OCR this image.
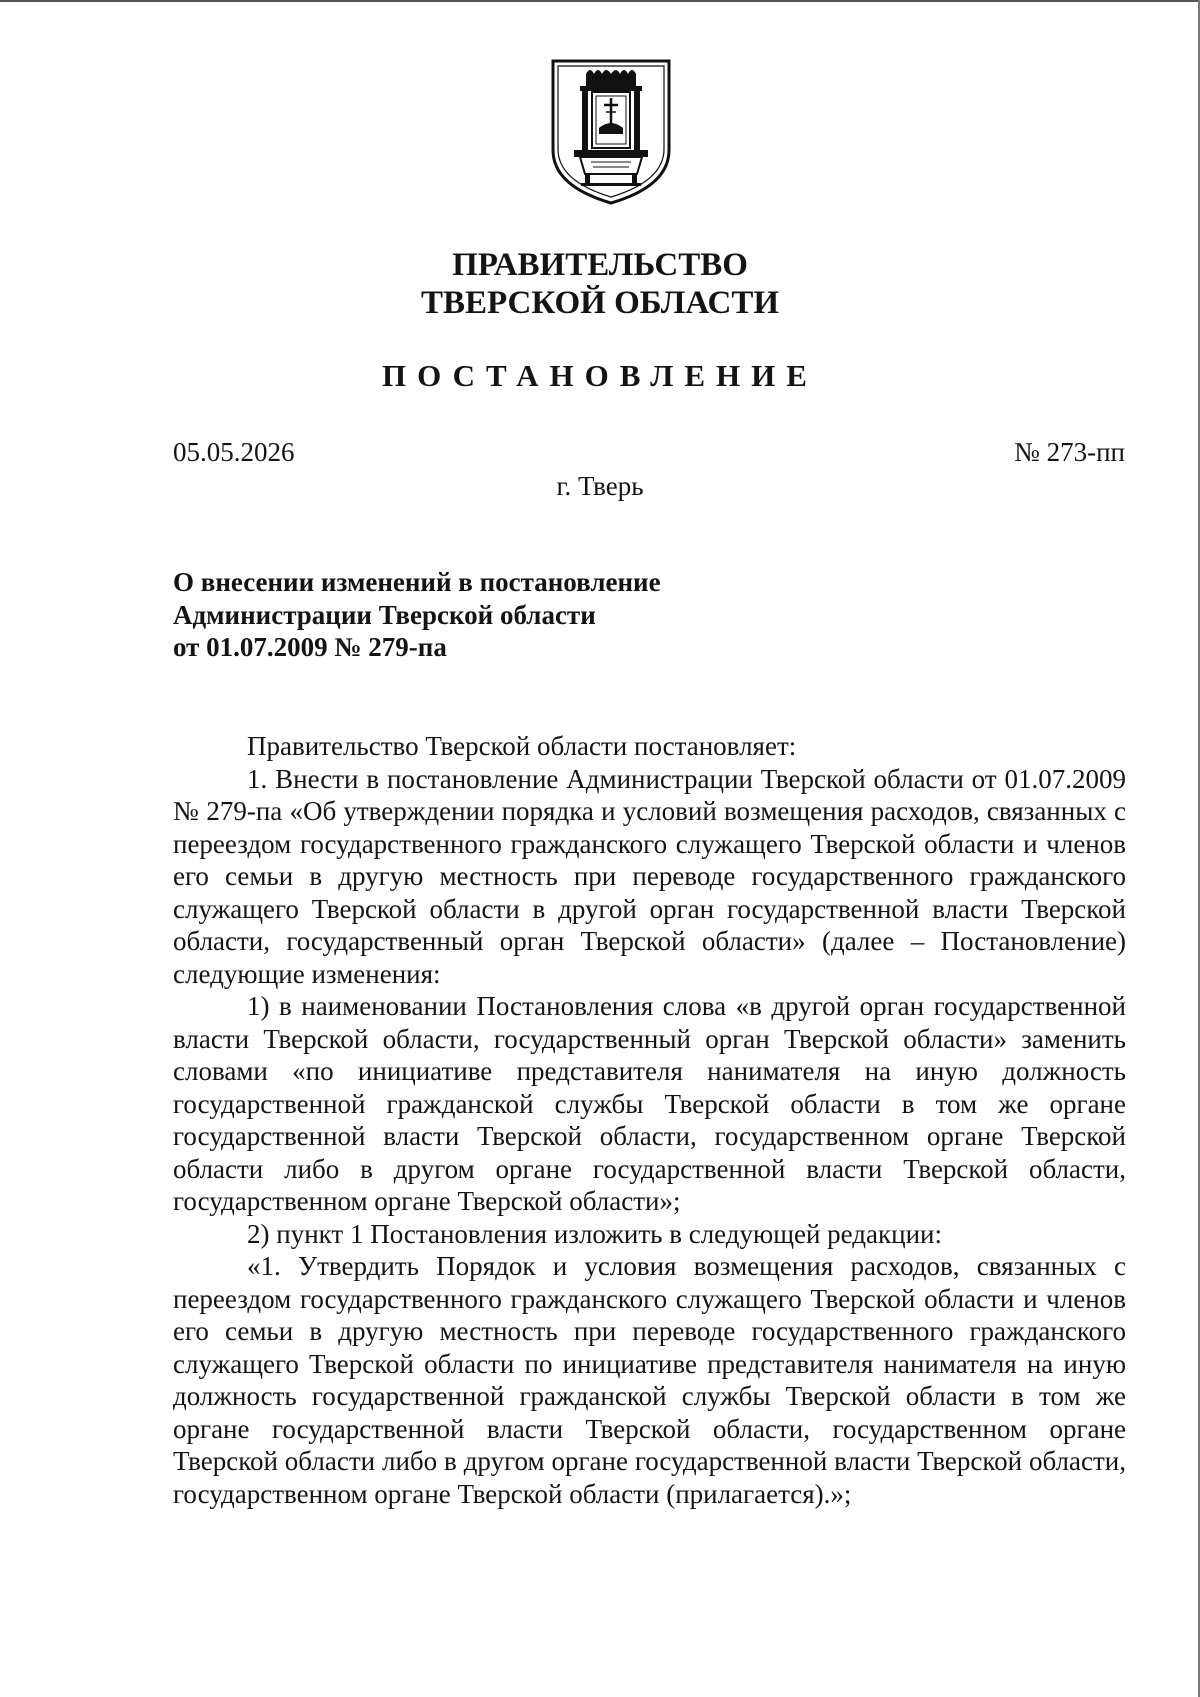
ПРАВИТЕЛЬСТВО
ТВЕРСКОЙ ОБЛАСТИ
ПОСТАНОВЛЕНИЕ
05.05.2026	№ 273-пп
г. Тверь
О внесении изменений в постановление
Администрации Тверской области
от 01.07.2009 № 279-па

Правительство Тверской области постановляет:

1. Внести в постановление Администрации Тверской области от 01.07.2009 № 279-па «Об утверждении порядка и условий возмещения расходов, связанных с переездом государственного гражданского служащего Тверской области и членов его семьи в другую местность при переводе государственного гражданского служащего Тверской области в другой орган государственной власти Тверской области, государственный орган Тверской области» (далее – Постановление) следующие изменения:

1) в наименовании Постановления слова «в другой орган государственной власти Тверской области, государственный орган Тверской области» заменить словами «по инициативе представителя нанимателя на иную должность государственной гражданской службы Тверской области в том же органе государственной власти Тверской области, государственном органе Тверской области либо в другом органе государственной власти Тверской области, государственном органе Тверской области»;

2) пункт 1 Постановления изложить в следующей редакции:

«1. Утвердить Порядок и условия возмещения расходов, связанных с переездом государственного гражданского служащего Тверской области и членов его семьи в другую местность при переводе государственного гражданского служащего Тверской области по инициативе представителя нанимателя на иную должность государственной гражданской службы Тверской области в том же органе государственной власти Тверской области, государственном органе Тверской области либо в другом органе государственной власти Тверской области, государственном органе Тверской области (прилагается).»;
